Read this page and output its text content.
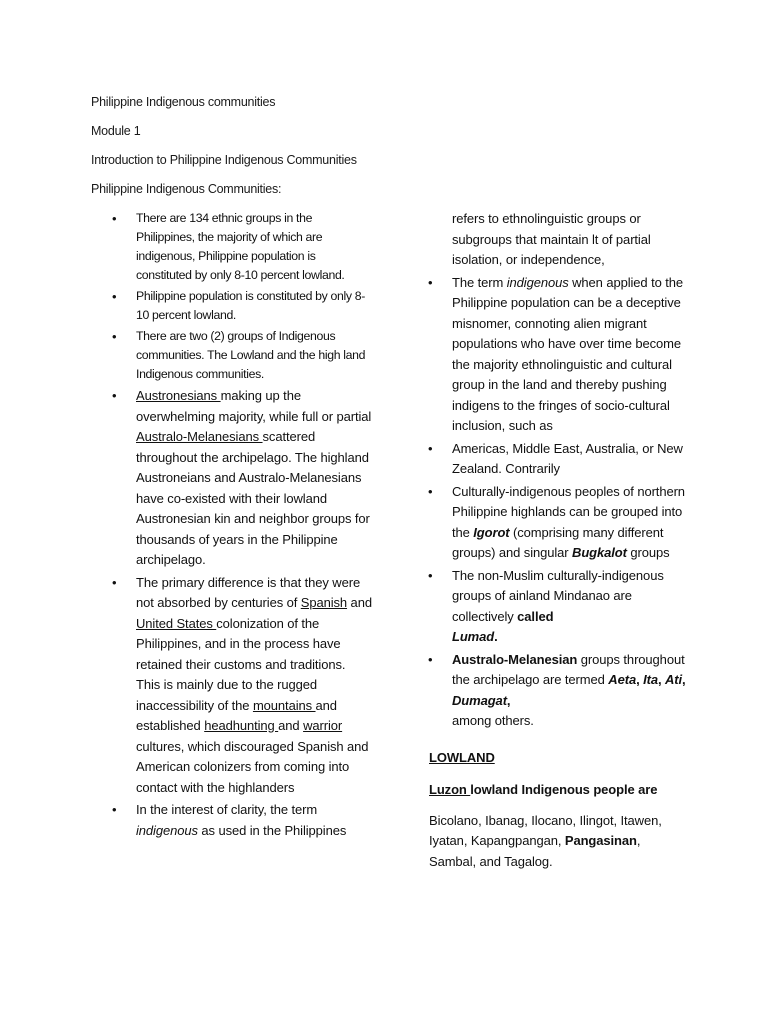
Philippine Indigenous communities
Module 1
Introduction to Philippine Indigenous Communities
Philippine Indigenous Communities:
• There are 134 ethnic groups in the Philippines, the majority of which are indigenous, Philippine population is constituted by only 8-10 percent lowland.
• Philippine population is constituted by only 8-10 percent lowland.
• There are two (2) groups of Indigenous communities. The Lowland and the high land Indigenous communities.
• Austronesians making up the overwhelming majority, while full or partial Australo-Melanesians scattered throughout the archipelago. The highland Austroneians and Australo-Melanesians have co-existed with their lowland Austronesian kin and neighbor groups for thousands of years in the Philippine archipelago.
• The primary difference is that they were not absorbed by centuries of Spanish and United States colonization of the Philippines, and in the process have retained their customs and traditions. This is mainly due to the rugged inaccessibility of the mountains and established headhunting and warrior cultures, which discouraged Spanish and American colonizers from coming into contact with the highlanders
• In the interest of clarity, the term indigenous as used in the Philippines
refers to ethnolinguistic groups or subgroups that maintain lt of partial isolation, or independence,
• The term indigenous when applied to the Philippine population can be a deceptive misnomer, connoting alien migrant populations who have over time become the majority ethnolinguistic and cultural group in the land and thereby pushing indigens to the fringes of socio-cultural inclusion, such as
• Americas, Middle East, Australia, or New Zealand. Contrarily
• Culturally-indigenous peoples of northern Philippine highlands can be grouped into the Igorot (comprising many different groups) and singular Bugkalot groups
• The non-Muslim culturally-indigenous groups of ainland Mindanao are collectively called
Lumad.
• Australo-Melanesian groups throughout the archipelago are termed Aeta, Ita, Ati, Dumagat,
among others.
LOWLAND
Luzon lowland Indigenous people are
Bicolano, Ibanag, Ilocano, Ilingot, Itawen, Iyatan, Kapangpangan, Pangasinan, Sambal, and Tagalog.
